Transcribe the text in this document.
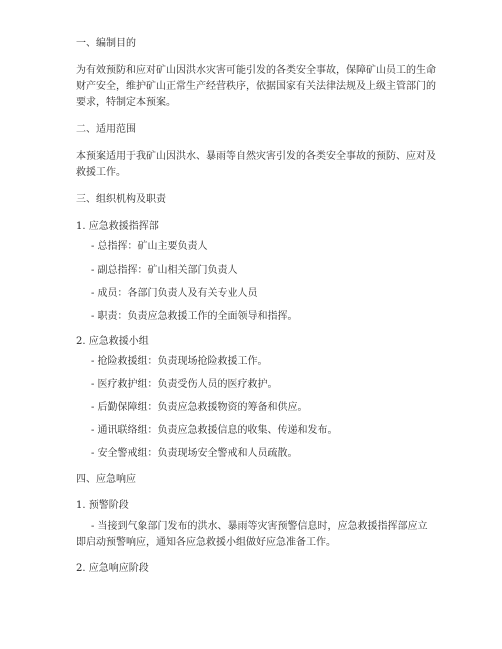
一、编制目的
为有效预防和应对矿山因洪水灾害可能引发的各类安全事故，保障矿山员工的生命
财产安全，维护矿山正常生产经营秩序，依据国家有关法律法规及上级主管部门的
要求，特制定本预案。
二、适用范围
本预案适用于我矿山因洪水、暴雨等自然灾害引发的各类安全事故的预防、应对及
救援工作。
三、组织机构及职责
1. 应急救援指挥部
- 总指挥：矿山主要负责人
- 副总指挥：矿山相关部门负责人
- 成员：各部门负责人及有关专业人员
- 职责：负责应急救援工作的全面领导和指挥。
2. 应急救援小组
- 抢险救援组：负责现场抢险救援工作。
- 医疗救护组：负责受伤人员的医疗救护。
- 后勤保障组：负责应急救援物资的筹备和供应。
- 通讯联络组：负责应急救援信息的收集、传递和发布。
- 安全警戒组：负责现场安全警戒和人员疏散。
四、应急响应
1. 预警阶段
- 当接到气象部门发布的洪水、暴雨等灾害预警信息时，应急救援指挥部应立
即启动预警响应，通知各应急救援小组做好应急准备工作。
2. 应急响应阶段
